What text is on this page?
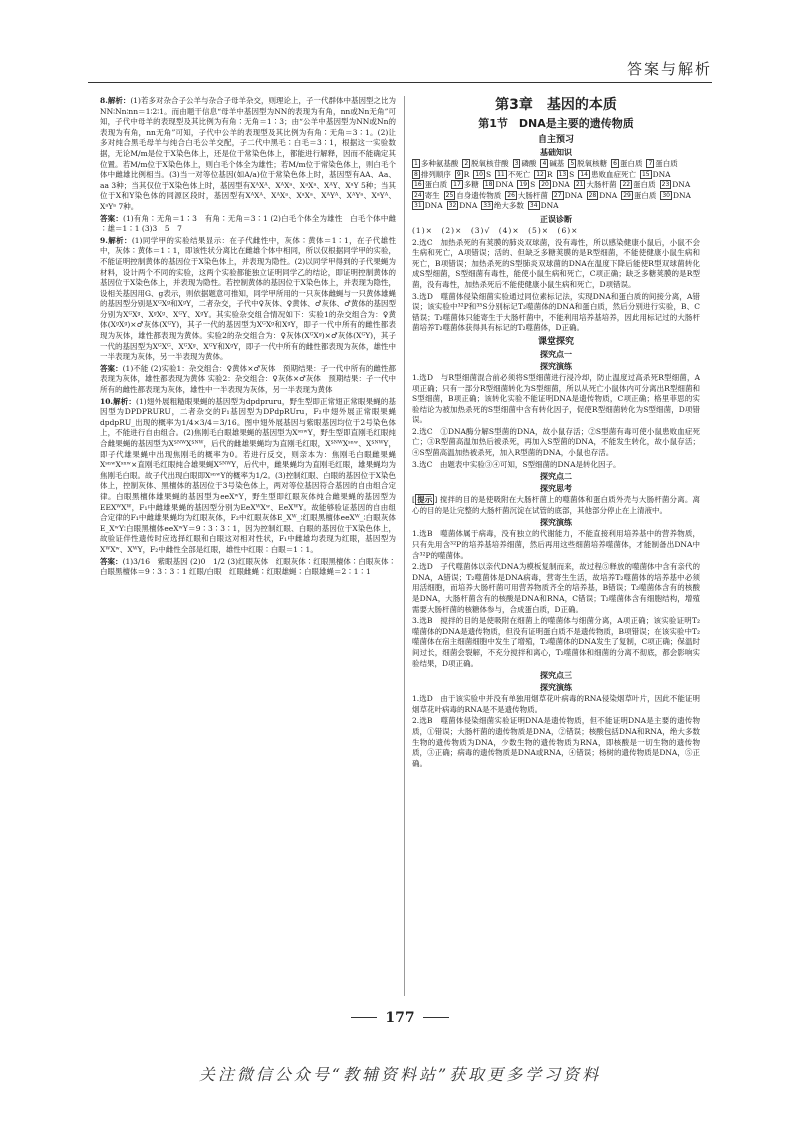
答案与解析

8.解析：(1)若多对杂合子公羊与杂合子母羊杂交，则理论上，子一代群体中基因型之比为NN∶Nn∶nn＝1∶2∶1。而由题干信息“母羊中基因型为NN的表现为有角，nn或Nn无角”可知，子代中母羊的表现型及其比例为有角∶无角＝1∶3；由“公羊中基因型为NN或Nn的表现为有角，nn无角”可知，子代中公羊的表现型及其比例为有角∶无角＝3∶1。(2)让多对纯合黑毛母羊与纯合白毛公羊交配，子二代中黑毛∶白毛＝3∶1，根据这一实验数据，无论M/m是位于X染色体上，还是位于常染色体上，都能进行解释，因而不能确定其位置。若M/m位于X染色体上，则白毛个体全为雄性；若M/m位于常染色体上，则白毛个体中雌雄比例相当。(3)当一对等位基因(如A/a)位于常染色体上时，基因型有AA、Aa、aa 3种；当其仅位于X染色体上时，基因型有XᴬXᴬ、XᴬXᵃ、XᵃXᵃ、XᴬY、XᵃY 5种；当其位于X和Y染色体的同源区段时，基因型有XᴬXᴬ、XᴬXᵃ、XᵃXᵃ、XᴬYᴬ、XᴬYᵃ、XᵃYᴬ、XᵃYᵃ 7种。

答案：(1)有角∶无角＝1∶3　有角∶无角＝3∶1 (2)白毛个体全为雄性　白毛个体中雌∶雄＝1∶1 (3)3　5　7

9.解析：(1)同学甲的实验结果显示：在子代雌性中，灰体∶黄体＝1∶1，在子代雄性中，灰体∶黄体＝1∶1，即该性状分离比在雌雄个体中相同，所以仅根据同学甲的实验，不能证明控制黄体的基因位于X染色体上，并表现为隐性。(2)以同学甲得到的子代果蝇为材料，设计两个不同的实验，这两个实验都能独立证明同学乙的结论，即证明控制黄体的基因位于X染色体上，并表现为隐性。若控制黄体的基因位于X染色体上，并表现为隐性，设相关基因用G、g表示，则依据题意可推知，同学甲所用的一只灰体雌蝇与一只黄体雄蝇的基因型分别是XᴳXᵍ和XᵍY，二者杂交，子代中♀灰体、♀黄体、♂灰体、♂黄体的基因型分别为XᴳXᵍ、XᵍXᵍ、XᴳY、XᵍY。其实验杂交组合情况如下：实验1的杂交组合为：♀黄体(XᵍXᵍ)×♂灰体(XᴳY)，其子一代的基因型为XᴳXᵍ和XᵍY，即子一代中所有的雌性都表现为灰体，雄性都表现为黄体。实验2的杂交组合为：♀灰体(XᴳXᵍ)×♂灰体(XᴳY)，其子一代的基因型为XᴳXᴳ、XᴳXᵍ、XᴳY和XᵍY，即子一代中所有的雌性都表现为灰体，雄性中一半表现为灰体，另一半表现为黄体。

答案：(1)不能 (2)实验1：杂交组合：♀黄体×♂灰体　预期结果：子一代中所有的雌性都表现为灰体，雄性都表现为黄体 实验2：杂交组合：♀灰体×♂灰体　预期结果：子一代中所有的雌性都表现为灰体，雄性中一半表现为灰体，另一半表现为黄体

10.解析：(1)翅外展粗糙眼果蝇的基因型为dpdpruru，野生型即正常翅正常眼果蝇的基因型为DPDPRURU，二者杂交的F₁基因型为DPdpRUru，F₂中翅外展正常眼果蝇dpdpRU_出现的概率为1/4×3/4＝3/16。图中翅外展基因与紫眼基因均位于2号染色体上，不能进行自由组合。(2)焦刚毛白眼雄果蝇的基因型为XˢⁿʷY，野生型即直刚毛红眼纯合雌果蝇的基因型为XᔆᴺᵂXᔆᴺᵂ，后代的雌雄果蝇均为直刚毛红眼，XᔆᴺᵂXˢⁿʷ、XᔆᴺᵂY，即子代雄果蝇中出现焦刚毛的概率为0。若进行反交，则亲本为：焦刚毛白眼雌果蝇XˢⁿʷXˢⁿʷ×直刚毛红眼纯合雄果蝇XᔆᴺᵂY，后代中，雌果蝇均为直刚毛红眼，雄果蝇均为焦刚毛白眼。故子代出现白眼即XˢⁿʷY的概率为1/2。(3)控制红眼、白眼的基因位于X染色体上，控制灰体、黑檀体的基因位于3号染色体上，两对等位基因符合基因的自由组合定律。白眼黑檀体雄果蝇的基因型为eeXʷY，野生型即红眼灰体纯合雌果蝇的基因型为EEXᵂXᵂ，F₁中雌雄果蝇的基因型分别为EeXᵂXʷ、EeXᵂY。故能够验证基因的自由组合定律的F₁中雌雄果蝇均为红眼灰体，F₂中红眼灰体E_Xᵂ_∶红眼黑檀体eeXᵂ_∶白眼灰体E_XʷY∶白眼黑檀体eeXʷY＝9∶3∶3∶1，因为控制红眼、白眼的基因位于X染色体上，故验证伴性遗传时应选择红眼和白眼这对相对性状，F₁中雌雄均表现为红眼，基因型为XᵂXʷ、XᵂY，F₂中雌性全部是红眼，雄性中红眼∶白眼＝1∶1。

答案：(1)3/16　紫眼基因 (2)0　1/2 (3)红眼灰体　红眼灰体∶红眼黑檀体∶白眼灰体∶白眼黑檀体＝9∶3∶3∶1 红眼/白眼　红眼雌蝇∶红眼雄蝇∶白眼雄蝇＝2∶1∶1

第3章　基因的本质
第1节　DNA是主要的遗传物质
自主预习
基础知识
1 多种氨基酸	2 脱氧核苷酸	3 磷酸	4 碱基	5 脱氧核糖	6 蛋白质	7 蛋白质
8 排列顺序	9 R	10 S	11 不死亡	12 R	13 S	14 患败血症死亡	15 DNA
16 蛋白质	17 多糖	18 DNA	19 S	20 DNA	21 大肠杆菌	22 蛋白质	23 DNA
24 寄生	25 自身遗传物质	26 大肠杆菌	27 DNA	28 DNA	29 蛋白质	30 DNA
31 DNA	32 DNA	33 绝大多数	34 DNA
正误诊断

(1)×　(2)×　(3)√　(4)×　(5)×　(6)×

2.选C　加热杀死的有荚膜的肺炎双球菌，没有毒性，所以感染健康小鼠后，小鼠不会生病和死亡，A项错误；活的、但缺乏多糖荚膜的是R型细菌，不能使健康小鼠生病和死亡，B项错误；加热杀死的S型肺炎双球菌的DNA在温度下降后能使R型双球菌转化成S型细菌，S型细菌有毒性，能使小鼠生病和死亡，C项正确；缺乏多糖荚膜的是R型菌，没有毒性，加热杀死后不能使健康小鼠生病和死亡，D项错误。

3.选D　噬菌体侵染细菌实验通过同位素标记法，实现DNA和蛋白质的间接分离，A错误；该实验中³²P和³⁵S分别标记T₂噬菌体的DNA和蛋白质，然后分别进行实验，B、C错误；T₂噬菌体只能寄生于大肠杆菌中，不能利用培养基培养，因此用标记过的大肠杆菌培养T₂噬菌体获得具有标记的T₂噬菌体，D正确。

课堂探究
探究点一
探究演练

1.选D　与R型细菌混合前必须将S型细菌进行浸冷却，防止温度过高杀死R型细菌，A项正确；只有一部分R型细菌转化为S型细菌，所以从死亡小鼠体内可分离出R型细菌和S型细菌，B项正确；该转化实验不能证明DNA是遗传物质，C项正确；格里菲思的实验结论为被加热杀死的S型细菌中含有转化因子，促使R型细菌转化为S型细菌，D项错误。

2.选C　①DNA酶分解S型菌的DNA，故小鼠存活；②S型菌有毒可使小鼠患败血症死亡；③R型菌高温加热后被杀死，再加入S型菌的DNA，不能发生转化，故小鼠存活；④S型菌高温加热被杀死，加入R型菌的DNA，小鼠也存活。

3.选C　由题表中实验③④可知，S型细菌的DNA是转化因子。

探究点二
探究思考

[ 提示 ] 搅拌的目的是使吸附在大肠杆菌上的噬菌体和蛋白质外壳与大肠杆菌分离。离心的目的是让完整的大肠杆菌沉淀在试管的底部，其他部分停止在上清液中。

探究演练

1.选B　噬菌体属于病毒，没有独立的代谢能力，不能直接利用培养基中的营养物质，只有先用含³²P的培养基培养细菌，然后再用这些细菌培养噬菌体，才能制备出DNA中含³²P的噬菌体。

2.选D　子代噬菌体以亲代DNA为模板复制而来，故过程⑤释放的噬菌体中含有亲代的DNA，A错误；T₂噬菌体是DNA病毒，营寄生生活，故培养T₂噬菌体的培养基中必须用活细胞，而培养大肠杆菌可用营养物质齐全的培养基，B错误；T₂噬菌体含有的核酸是DNA，大肠杆菌含有的核酸是DNA和RNA，C错误；T₂噬菌体含有细胞结构，增殖需要大肠杆菌的核糖体参与，合成蛋白质，D正确。

3.选B　搅拌的目的是使吸附在细菌上的噬菌体与细菌分离，A项正确；该实验证明T₂噬菌体的DNA是遗传物质，但没有证明蛋白质不是遗传物质，B项错误；在该实验中T₂噬菌体在宿主细菌细胞中发生了增殖，T₂噬菌体的DNA发生了复制，C项正确；保温时间过长，细菌会裂解，不充分搅拌和离心，T₂噬菌体和细菌的分离不彻底，都会影响实验结果，D项正确。

探究点三
探究演练

1.选D　由于该实验中并没有单独用烟草花叶病毒的RNA侵染烟草叶片，因此不能证明烟草花叶病毒的RNA是不是遗传物质。

2.选B　噬菌体侵染细菌实验证明DNA是遗传物质，但不能证明DNA是主要的遗传物质，①错误；大肠杆菌的遗传物质是DNA，②错误；核酸包括DNA和RNA，绝大多数生物的遗传物质为DNA，少数生物的遗传物质为RNA，即核酸是一切生物的遗传物质，③正确；病毒的遗传物质是DNA或RNA，④错误；杨树的遗传物质是DNA，⑤正确。

177
关注微信公众号“教辅资料站”获取更多学习资料
